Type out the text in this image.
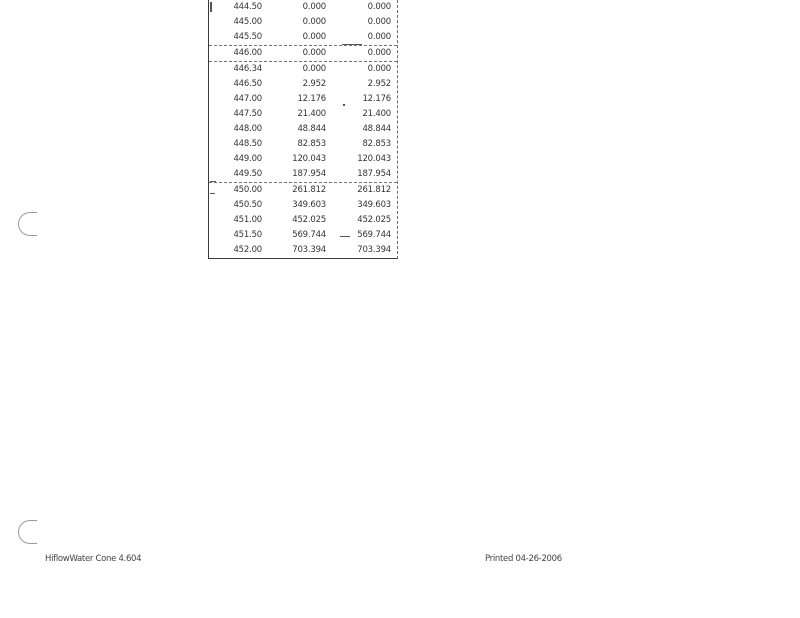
444.50	0.000	0.000
445.00	0.000	0.000
445.50	0.000	0.000
446.00	0.000	0.000
446.34	0.000	0.000
446.50	2.952	2.952
447.00	12.176	12.176
447.50	21.400	21.400
448.00	48.844	48.844
448.50	82.853	82.853
449.00	120.043	120.043
449.50	187.954	187.954
450.00	261.812	261.812
450.50	349.603	349.603
451.00	452.025	452.025
451.50	569.744	569.744
452.00	703.394	703.394
HiflowWater Cone 4.604	Printed 04-26-2006
